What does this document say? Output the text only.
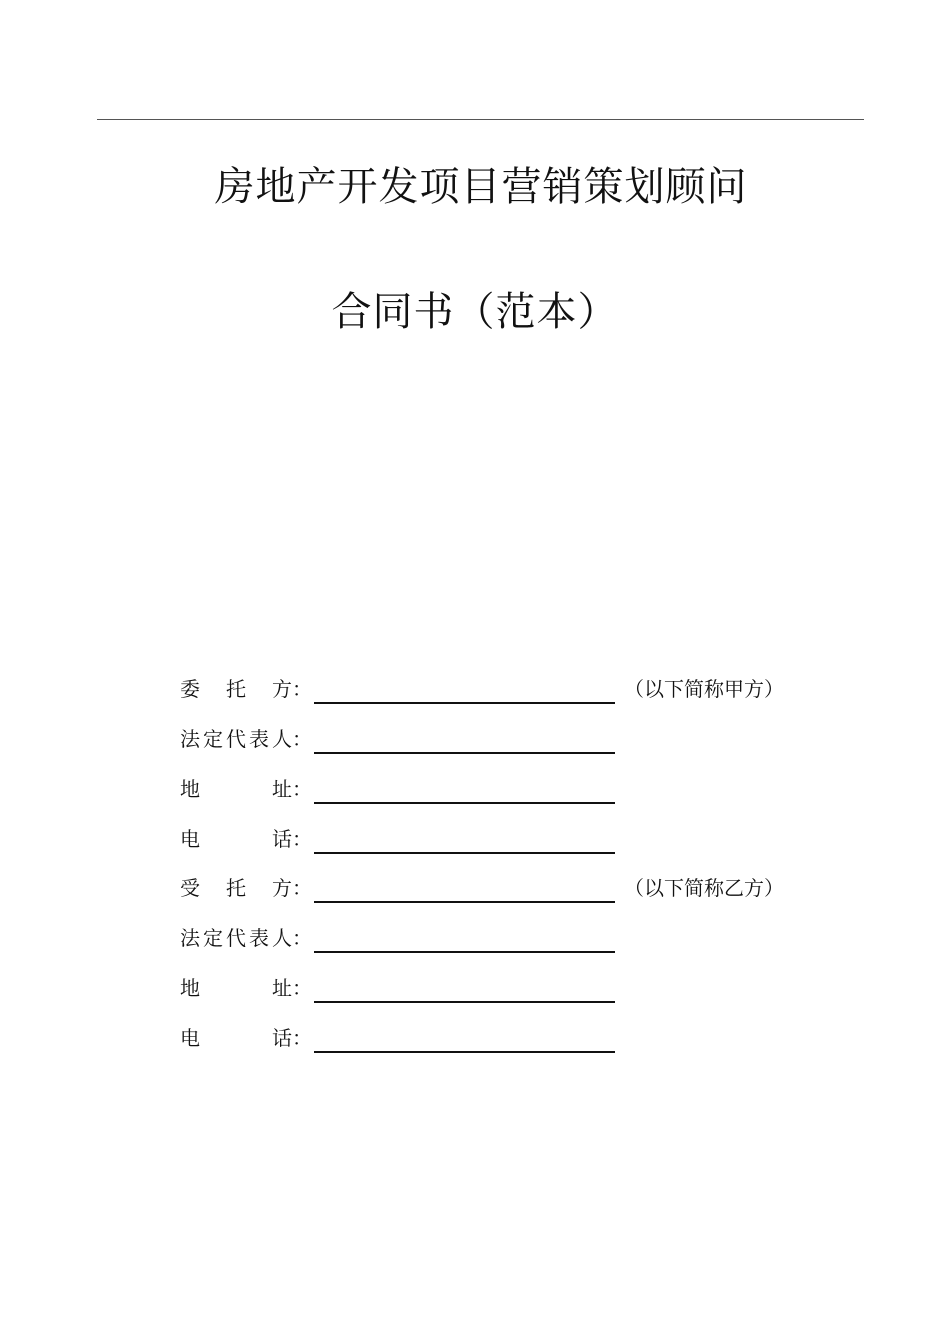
房地产开发项目营销策划顾问
合同书（范本）
委 托 方 ：	（以下简称甲方）
法 定 代 表 人 ：
地	址 ：
电	话 ：
受 托 方 ：	（以下简称乙方）
法 定 代 表 人 ：
地	址 ：
电	话 ：
